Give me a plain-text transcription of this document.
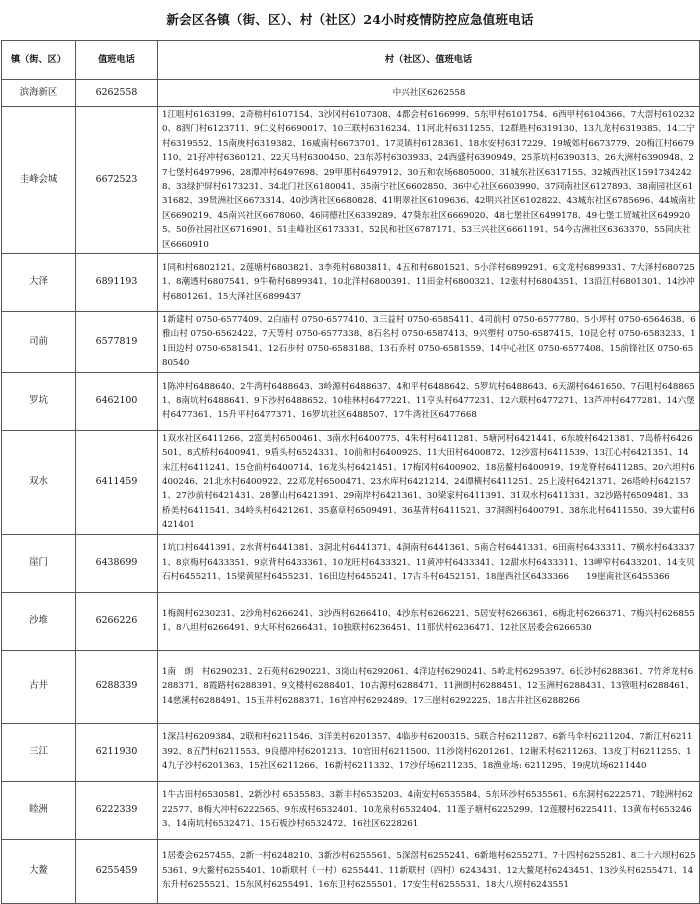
新会区各镇（街、区）、村（社区）24小时疫情防控应急值班电话
镇（街、区）	值班电话	村（社区）、值班电话
滨海新区	6262558	中兴社区6262558
圭峰会城	6672523	1江咀村6163199、2奇榜村6107154、3沙冈村6107308、4都会村6166999、5东甲村6101754、6西甲村6104366、7大滘村6102320、8泗门村6123711、9仁义村6690017、10三联村6316234、11河北村6311255、12群胜村6319130、13九龙村6319385、14二宁村6319552、15南庚村6319382、16威南村6673701、17灵镇村6128361、18水安村6317229、19城郊村6673779、20梅江村6679110、21孖冲村6360121、22天马村6300450、23东苏村6303933、24西盛村6390949、25茶坑村6390313、26大洲村6390948、27七堡村6497996、28潭冲村6497698、29甲那村6497912、30五和农场6805000、31城东社区6317155、32城西社区15917342428、33绿护屏村6173231、34北门社区6180041、35南宁社区6602850、36中心社区6603990、37同南社区6127893、38南园社区6131682、39贤洲社区6673314、40沙湾社区6680828、41明翠社区6109636、42明兴社区6102822、43城东社区6785696、44城南社区6690219、45南兴社区6678060、46同德社区6339289、47葵东社区6669020、48七堡社区6499178、49七堡工贸城社区6499205、50侨社园社区6716901、51圭峰社区6173331、52民和社区6787171、53三兴社区6661191、54今古洲社区6363370、55同庆社区6660910
大泽	6891193	1同和村6802121、2莲塘村6803821、3李苑村6803811、4五和村6801521、5小洋村6899291、6文龙村6899331、7大泽村6807251、8潮透村6807541、9牛勒村6899341、10北洋村6800391、11田金村6800321、12张村村6804351、13沿江村6801301、14沙冲村6801261、15大泽社区6899437
司前	6577819	1新建村 0750-6577409、2白庙村 0750-6577410、3三益村 0750-6585411、4司前村 0750-6577780、5小坪村 0750-6564638、6雅山村 0750-6562422、7天等村 0750-6577338、8石名村 0750-6587413、9兴塑村 0750-6587415、10昆仑村 0750-6583233、11田边村 0750-6581541、12石步村 0750-6583188、13石乔村 0750-6581559、14中心社区 0750-6577408、15前锋社区 0750-6580540
罗坑	6462100	1陈冲村6488640、2牛湾村6488643、3岭源村6488637、4和平村6488642、5罗坑村6488643、6天湖村6461650、7石咀村6488651、8南坑村6488641、9下沙村6488652、10桂林村6477221、11亨头村6477231、12六联村6477271、13芦冲村6477281、14六堡村6477361、15升平村6477371、16罗坑社区6488507、17牛湾社区6477668
双水	6411459	1双水社区6411266、2富美村6500461、3南水村6400775、4朱村村6411281、5塘河村6421441、6东坡村6421381、7岛桥村6426501、8式桥村6400941、9盾头村6524331、10前和村6400925、11大田村6400872、12沙富村6411539、13江心村6421351、14末江村6411241、15仓前村6400714、16龙头村6421451、17梅冈村6400902、18岳鳌村6400919、19龙脊村6411285、20六坦村6400246、21北水村6400922、22邓龙村6500471、23水库村6421214、24谭横村6411251、25上凌村6421371、26塔岭村6421571、27沙前村6421431、28蓼山村6421391、29南岸村6421361、30梁家村6411391、31双水村6411331、32沙路村6509481、33桥美村6411541、34岭头村6421261、35嘉章村6509491、36基背村6411521、37洞阁村6400791、38东北村6411550、39大霍村6421401
崖门	6438699	1坑口村6441391、2水背村6441381、3洞北村6441371、4洞南村6441361、5南合村6441331、6田南村6433311、7横水村6433371、8京梅村6433351、9京背村6433361、10龙旺村6433321、11黄冲村6433341、12甜水村6433311、13岬窄村6433201、14支贝石村6455211、15梁黄屋村6455231、16田边村6455241、17古斗村6452151、18崖西社区6433366　　19崖南社区6455366
沙堆	6266226	1梅阁村6230231、2沙角村6266241、3沙西村6266410、4沙东村6266221、5居安村6266361、6梅北村6266371、7梅兴村6268551、8八坦村6266491、9大环村6266431、10独联村6236451、11那伏村6236471、12社区居委会6266530
古井	6288339	1南　朗　村6290231、2石苑村6290221、3岗山村6292061、4洋边村6290241、5岭北村6295397、6长沙村6288361、7竹斧龙村6288371、8霞路村6288391、9文楼村6288401、10古源村6288471、11洲朗村6288451、12玉洲村6288431、13管咀村6288461、14慈溪村6288491、15玉井村6288371、16官冲村6292489、17三崖村6292225、18古井社区6288266
三江	6211930	1深吕村6209384、2联和村6211546、3洋美村6201357、4临步村6200315、5联合村6211287、6新马伞村6211204、7新江村6211392、8五鬥村6211553、9良德冲村6201213、10官田村6211500、11沙岗村6201261、12谢禾村6211263、13皮丁村6211255、14九子沙村6201363、15社区6211266、16新村6211332、17沙仔场6211235、18渔业场: 6211295、19虎坑场6211440
睦洲	6222339	1牛古田村6530581、2新沙村 6535583、3新丰村6535203、4南安村6535584、5东环沙村6535561、6东洞村6222571、7睦洲村6222577、8梅大冲村6222565、9东成村6532401、10龙泉村6532404、11莲子塘村6225299、12莲腰村6225411、13黄布村6532463、14南坑村6532471、15石板沙村6532472、16社区6228261
大鳌	6255459	1居委会6257455、2新一村6248210、3新沙村6255561、5深滘村6255241、6新地村6255271、7十四村6255281、8二十六坝村6255361、9大鳌村6255401、10新联村（一村）6255441、11新联村（四村）6243431、12大鳌尾村6243451、13沙头村6255471、14东升村6255521、15东风村6255491、16东卫村6255501、17安生村6255531、18大八坝村6243551
